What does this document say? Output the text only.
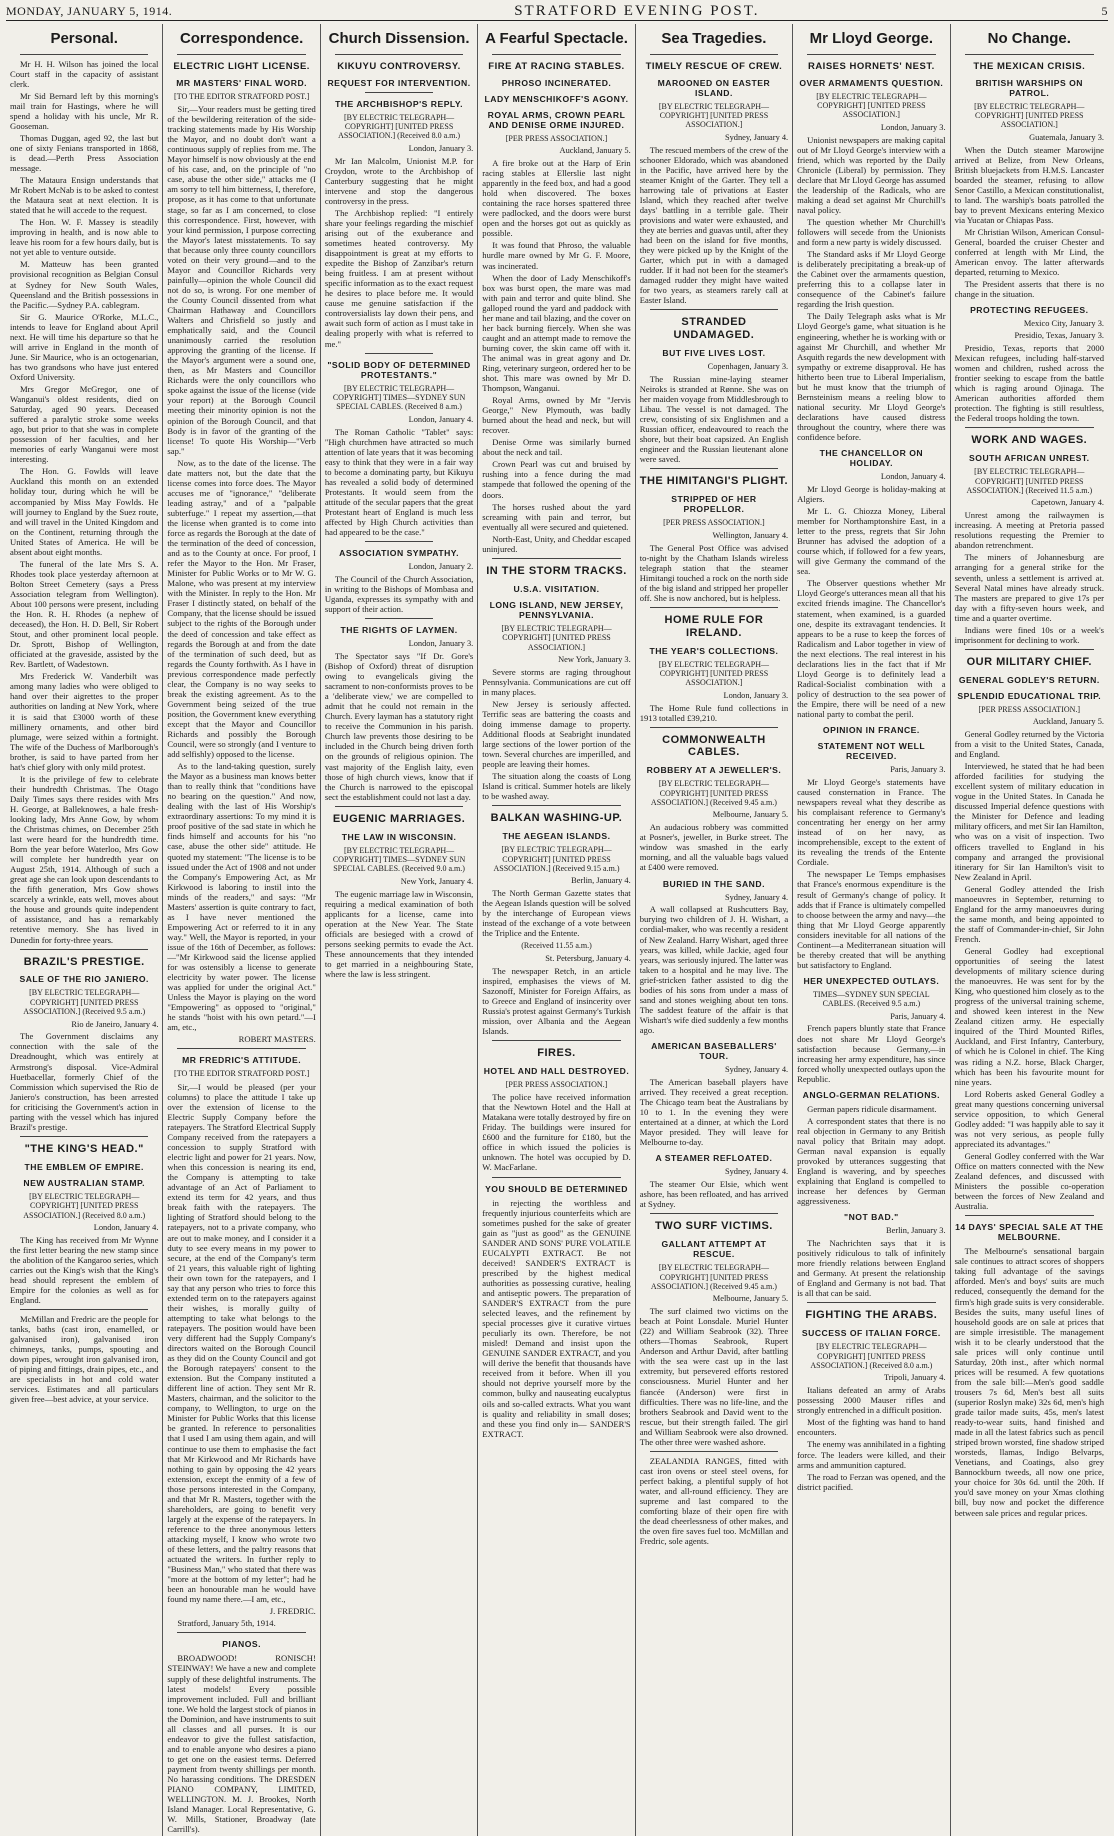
MONDAY, JANUARY 5, 1914.	STRATFORD EVENING POST.	5
Personal.
Mr H. H. Wilson has joined the local Court staff in the capacity of assistant clerk.
Mr Sid Bernard left by this morning's mail train for Hastings, where he will spend a holiday with his uncle, Mr R. Gooseman.
Thomas Duggan, aged 92, the last but one of sixty Fenians transported in 1868, is dead.—Perth Press Association message.
The Mataura Ensign understands that Mr Robert McNab is to be asked to contest the Mataura seat at next election. It is stated that he will accede to the request.
The Hon. W. F. Massey is steadily improving in health, and is now able to leave his room for a few hours daily, but is not yet able to venture outside.
M. Matteuw has been granted provisional recognition as Belgian Consul at Sydney for New South Wales, Queensland and the British possessions in the Pacific.—Sydney P.A. cablegram.
Sir G. Maurice O'Rorke, M.L.C., intends to leave for England about April next. He will time his departure so that he will arrive in England in the month of June. Sir Maurice, who is an octogenarian, has two grandsons who have just entered Oxford University.
Mrs Gregor McGregor, one of Wanganui's oldest residents, died on Saturday, aged 90 years. Deceased suffered a paralytic stroke some weeks ago, but prior to that she was in complete possession of her faculties, and her memories of early Wanganui were most interesting.
The Hon. G. Fowlds will leave Auckland this month on an extended holiday tour, during which he will be accompanied by Miss May Fowlds. He will journey to England by the Suez route, and will travel in the United Kingdom and on the Continent, returning through the United States of America. He will be absent about eight months.
The funeral of the late Mrs S. A. Rhodes took place yesterday afternoon at Bolton Street Cemetery (says a Press Association telegram from Wellington). About 100 persons were present, including the Hon. R. H. Rhodes (a nephew of deceased), the Hon. H. D. Bell, Sir Robert Stout, and other prominent local people. Dr. Sprott, Bishop of Wellington, officiated at the graveside, assisted by the Rev. Bartlett, of Wadestown.
Mrs Frederick W. Vanderbilt was among many ladies who were obliged to hand over their aigrettes to the proper authorities on landing at New York, where it is said that £3000 worth of these millinery ornaments, and other bird plumage, were seized within a fortnight. The wife of the Duchess of Marlborough's brother, is said to have parted from her hat's chief glory with only mild protest.
It is the privilege of few to celebrate their hundredth Christmas. The Otago Daily Times says there resides with Mrs H. George, at Balleknowes, a hale fresh-looking lady, Mrs Anne Gow, by whom the Christmas chimes, on December 25th last were heard for the hundredth time. Born the year before Waterloo, Mrs Gow will complete her hundredth year on August 25th, 1914. Although of such a great age she can look upon descendants to the fifth generation, Mrs Gow shows scarcely a wrinkle, eats well, moves about the house and grounds quite independent of assistance, and has a remarkably retentive memory. She has lived in Dunedin for forty-three years.
BRAZIL'S PRESTIGE.
SALE OF THE RIO JANIERO.
[BY ELECTRIC TELEGRAPH—COPYRIGHT] [UNITED PRESS ASSOCIATION.] (Received 9.5 a.m.)
Rio de Janeiro, January 4.
The Government disclaims any connection with the sale of the Dreadnought, which was entirely at Armstrong's disposal. Vice-Admiral Huetbacellar, formerly Chief of the Commission which supervised the Rio de Janiero's construction, has been arrested for criticising the Government's action in parting with the vessel which has injured Brazil's prestige.
"THE KING'S HEAD."
THE EMBLEM OF EMPIRE.
NEW AUSTRALIAN STAMP.
[BY ELECTRIC TELEGRAPH—COPYRIGHT] [UNITED PRESS ASSOCIATION.] (Received 8.0 a.m.)
London, January 4.
The King has received from Mr Wynne the first letter bearing the new stamp since the abolition of the Kangaroo series, which carries out the King's wish that the King's head should represent the emblem of Empire for the colonies as well as for England.
McMillan and Fredric are the people for tanks, baths (cast iron, enamelled, or galvanised iron), galvanised iron chimneys, tanks, pumps, spouting and down pipes, wrought iron galvanised iron, of piping and fittings, drain pipes, etc., and are specialists in hot and cold water services. Estimates and all particulars given free—best advice, at your service.
Correspondence.
ELECTRIC LIGHT LICENSE.
MR MASTERS' FINAL WORD.
[TO THE EDITOR STRATFORD POST.]
Sir,—Your readers must be getting tired of the bewildering reiteration of the side-tracking statements made by His Worship the Mayor, and no doubt don't want a continuous supply of replies from me. The Mayor himself is now obviously at the end of his case, and, on the principle of "no case, abuse the other side," attacks me (I am sorry to tell him bitterness, I, therefore, propose, as it has come to that unfortunate stage, so far as I am concerned, to close this correspondence. First, however, with your kind permission, I purpose correcting the Mayor's latest misstatements. To say that because only three county councillors voted on their very ground—and to the Mayor and Councillor Richards very painfully—opinion the whole Council did not do so, is wrong. For one member of the County Council dissented from what Chairman Hathaway and Councillors Walters and Chrisfield so justly and emphatically said, and the Council unanimously carried the resolution approving the granting of the license. If the Mayor's argument were a sound one, then, as Mr Masters and Councillor Richards were the only councillors who spoke against the issue of the license (vide your report) at the Borough Council meeting their minority opinion is not the opinion of the Borough Council, and that Body is in favor of the granting of the license! To quote His Worship—"Verb sap."
Now, as to the date of the license. The date matters not, but the date that the license comes into force does. The Mayor accuses me of "ignorance," "deliberate leading astray," and of a "palpable subterfuge." I repeat my assertion,—that the license when granted is to come into force as regards the Borough at the date of the termination of the deed of concession, and as to the County at once. For proof, I refer the Mayor to the Hon. Mr Fraser, Minister for Public Works or to Mr W. G. Malone, who was present at my interview with the Minister. In reply to the Hon. Mr Fraser I distinctly stated, on behalf of the Company, that the license should be issued subject to the rights of the Borough under the deed of concession and take effect as regards the Borough at and from the date of the termination of such deed, but as regards the County forthwith. As I have in previous correspondence made perfectly clear, the Company is no way seeks to break the existing agreement. As to the Government being seized of the true position, the Government knew everything except that the Mayor and Councillor Richards and possibly the Borough Council, were so strongly (and I venture to add selfishly) opposed to the license.
As to the land-taking question, surely the Mayor as a business man knows better than to really think that "conditions have no bearing on the question." And now, dealing with the last of His Worship's extraordinary assertions: To my mind it is proof positive of the sad state in which he finds himself and accounts for his "no case, abuse the other side" attitude. He quoted my statement: "The license is to be issued under the Act of 1908 and not under the Company's Empowering Act, as Mr Kirkwood is laboring to instil into the minds of the readers," and says: "Mr Masters' assertion is quite contrary to fact, as I have never mentioned the Empowering Act or referred to it in any way." Well, the Mayor is reported, in your issue of the 16th of December, as follows:—"Mr Kirkwood said the license applied for was ostensibly a license to generate electricity by water power. The license was applied for under the original Act." Unless the Mayor is playing on the word "Empowering" as opposed to "original," he stands "hoist with his own petard."—I am, etc.,
ROBERT MASTERS.
MR FREDRIC'S ATTITUDE.
[TO THE EDITOR STRATFORD POST.]
Sir,—I would be pleased (per your columns) to place the attitude I take up over the extension of license to the Electric Supply Company before the ratepayers. The Stratford Electrical Supply Company received from the ratepayers a concession to supply Stratford with electric light and power for 21 years. Now, when this concession is nearing its end, the Company is attempting to take advantage of an Act of Parliament to extend its term for 42 years, and thus break faith with the ratepayers. The lighting of Stratford should belong to the ratepayers, not to a private company, who are out to make money, and I consider it a duty to see every means in my power to secure, at the end of the Company's term of 21 years, this valuable right of lighting their own town for the ratepayers, and I say that any person who tries to force this extended term on to the ratepayers against their wishes, is morally guilty of attempting to take what belongs to the ratepayers. The position would have been very different had the Supply Company's directors waited on the Borough Council as they did on the County Council and got the Borough ratepayers' consent to the extension. But the Company instituted a different line of action. They sent Mr R. Masters, chairman, and the solicitor to the company, to Wellington, to urge on the Minister for Public Works that this license be granted. In reference to personalities that I used I am using them again, and will continue to use them to emphasise the fact that Mr Kirkwood and Mr Richards have nothing to gain by opposing the 42 years extension, except the enmity of a few of those persons interested in the Company, and that Mr R. Masters, together with the shareholders, are going to benefit very largely at the expense of the ratepayers. In reference to the three anonymous letters attacking myself, I know who wrote two of these letters, and the paltry reasons that actuated the writers. In further reply to "Business Man," who stated that there was "more at the bottom of my letter"; had he been an honourable man he would have found my name there.—I am, etc.,
J. FREDRIC.
Stratford, January 5th, 1914.
PIANOS.
BROADWOOD! RONISCH! STEINWAY! We have a new and complete supply of these delightful instruments. The latest models! Every possible improvement included. Full and brilliant tone. We hold the largest stock of pianos in the Dominion, and have instruments to suit all classes and all purses. It is our endeavor to give the fullest satisfaction, and to enable anyone who desires a piano to get one on the easiest terms. Deferred payment from twenty shillings per month. No harassing conditions. The DRESDEN PIANO COMPANY, LIMITED, WELLINGTON. M. J. Brookes, North Island Manager. Local Representative, G. W. Mills, Stationer, Broadway (late Carrill's).
Church Dissension.
KIKUYU CONTROVERSY.
REQUEST FOR INTERVENTION.
THE ARCHBISHOP'S REPLY.
[BY ELECTRIC TELEGRAPH—COPYRIGHT] [UNITED PRESS ASSOCIATION.] (Received 8.0 a.m.)
London, January 3.
Mr Ian Malcolm, Unionist M.P. for Croydon, wrote to the Archbishop of Canterbury suggesting that he might intervene and stop the dangerous controversy in the press.
The Archbishop replied: "I entirely share your feelings regarding the mischief arising out of the exuberance and sometimes heated controversy. My disappointment is great at my efforts to expedite the Bishop of Zanzibar's return being fruitless. I am at present without specific information as to the exact request he desires to place before me. It would cause me genuine satisfaction if the controversialists lay down their pens, and await such form of action as I must take in dealing properly with what is referred to me."
"SOLID BODY OF DETERMINED PROTESTANTS."
[BY ELECTRIC TELEGRAPH—COPYRIGHT] TIMES—SYDNEY SUN SPECIAL CABLES. (Received 8 a.m.)
London, January 4.
The Roman Catholic "Tablet" says: "High churchmen have attracted so much attention of late years that it was becoming easy to think that they were in a fair way to become a dominating party, but Kikuyu has revealed a solid body of determined Protestants. It would seem from the attitude of the secular papers that the great Protestant heart of England is much less affected by High Church activities than had appeared to be the case."
ASSOCIATION SYMPATHY.
London, January 2.
The Council of the Church Association, in writing to the Bishops of Mombasa and Uganda, expresses its sympathy with and support of their action.
THE RIGHTS OF LAYMEN.
London, January 3.
The Spectator says "If Dr. Gore's (Bishop of Oxford) threat of disruption owing to evangelicals giving the sacrament to non-conformists proves to be a 'deliberate view,' we are compelled to admit that he could not remain in the Church. Every layman has a statutory right to receive the Communion in his parish. Church law prevents those desiring to be included in the Church being driven forth on the grounds of religious opinion. The vast majority of the English laity, even those of high church views, know that if the Church is narrowed to the episcopal sect the establishment could not last a day.
EUGENIC MARRIAGES.
THE LAW IN WISCONSIN.
[BY ELECTRIC TELEGRAPH—COPYRIGHT] TIMES—SYDNEY SUN SPECIAL CABLES. (Received 9.0 a.m.)
New York, January 4.
The eugenic marriage law in Wisconsin, requiring a medical examination of both applicants for a license, came into operation at the New Year. The State officials are besieged with a crowd of persons seeking permits to evade the Act. These announcements that they intended to get married in a neighbouring State, where the law is less stringent.
A Fearful Spectacle.
FIRE AT RACING STABLES.
PHROSO INCINERATED.
LADY MENSCHIKOFF'S AGONY.
ROYAL ARMS, CROWN PEARL AND DENISE ORME INJURED.
[PER PRESS ASSOCIATION.]
Auckland, January 5.
A fire broke out at the Harp of Erin racing stables at Ellerslie last night apparently in the feed box, and had a good hold when discovered. The boxes containing the race horses spattered three were padlocked, and the doors were burst open and the horses got out as quickly as possible.
It was found that Phroso, the valuable hurdle mare owned by Mr G. F. Moore, was incinerated.
When the door of Lady Menschikoff's box was burst open, the mare was mad with pain and terror and quite blind. She galloped round the yard and paddock with her mane and tail blazing, and the cover on her back burning fiercely. When she was caught and an attempt made to remove the burning cover, the skin came off with it. The animal was in great agony and Dr. Ring, veterinary surgeon, ordered her to be shot. This mare was owned by Mr D. Thompson, Wanganui.
Royal Arms, owned by Mr "Jervis George," New Plymouth, was badly burned about the head and neck, but will recover.
Denise Orme was similarly burned about the neck and tail.
Crown Pearl was cut and bruised by rushing into a fence during the mad stampede that followed the opening of the doors.
The horses rushed about the yard screaming with pain and terror, but eventually all were secured and quietened.
North-East, Unity, and Cheddar escaped uninjured.
IN THE STORM TRACKS.
U.S.A. VISITATION.
LONG ISLAND, NEW JERSEY, PENNSYLVANIA.
[BY ELECTRIC TELEGRAPH—COPYRIGHT] [UNITED PRESS ASSOCIATION.]
New York, January 3.
Severe storms are raging throughout Pennsylvania. Communications are cut off in many places.
New Jersey is seriously affected. Terrific seas are battering the coasts and doing immense damage to property. Additional floods at Seabright inundated large sections of the lower portion of the town. Several churches are imperilled, and people are leaving their homes.
The situation along the coasts of Long Island is critical. Summer hotels are likely to be washed away.
BALKAN WASHING-UP.
THE AEGEAN ISLANDS.
[BY ELECTRIC TELEGRAPH—COPYRIGHT] [UNITED PRESS ASSOCIATION.] (Received 9.15 a.m.)
Berlin, January 4.
The North German Gazette states that the Aegean Islands question will be solved by the interchange of European views instead of the exchange of a vote between the Triplice and the Entente.
(Received 11.55 a.m.)
St. Petersburg, January 4.
The newspaper Retch, in an article inspired, emphasises the views of M. Sazonoff, Minister for Foreign Affairs, as to Greece and England of insincerity over Russia's protest against Germany's Turkish mission, over Albania and the Aegean Islands.
FIRES.
HOTEL AND HALL DESTROYED.
[PER PRESS ASSOCIATION.]
The police have received information that the Newtown Hotel and the Hall at Matakana were totally destroyed by fire on Friday. The buildings were insured for £600 and the furniture for £180, but the office in which issued the policies is unknown. The hotel was occupied by D. W. MacFarlane.
YOU SHOULD BE DETERMINED
in rejecting the worthless and frequently injurious counterfeits which are sometimes pushed for the sake of greater gain as "just as good" as the GENUINE SANDER AND SONS' PURE VOLATILE EUCALYPTI EXTRACT. Be not deceived! SANDER'S EXTRACT is prescribed by the highest medical authorities as possessing curative, healing and antiseptic powers. The preparation of SANDER'S EXTRACT from the pure selected leaves, and the refinement by special processes give it curative virtues peculiarly its own. Therefore, be not misled! Demand and insist upon the GENUINE SANDER EXTRACT, and you will derive the benefit that thousands have received from it before. When ill you should not deprive yourself more by the common, bulky and nauseating eucalyptus oils and so-called extracts. What you want is quality and reliability in small doses; and these you find only in— SANDER'S EXTRACT.
Sea Tragedies.
TIMELY RESCUE OF CREW.
MAROONED ON EASTER ISLAND.
[BY ELECTRIC TELEGRAPH—COPYRIGHT] [UNITED PRESS ASSOCIATION.]
Sydney, January 4.
The rescued members of the crew of the schooner Eldorado, which was abandoned in the Pacific, have arrived here by the steamer Knight of the Garter. They tell a harrowing tale of privations at Easter Island, which they reached after twelve days' battling in a terrible gale. Their provisions and water were exhausted, and they ate berries and guavas until, after they had been on the island for five months, they were picked up by the Knight of the Garter, which put in with a damaged rudder. If it had not been for the steamer's damaged rudder they might have waited for two years, as steamers rarely call at Easter Island.
STRANDED UNDAMAGED.
BUT FIVE LIVES LOST.
Copenhagen, January 3.
The Russian mine-laying steamer Neiroks is stranded at Rønne. She was on her maiden voyage from Middlesbrough to Libau. The vessel is not damaged. The crew, consisting of six Englishmen and a Russian officer, endeavoured to reach the shore, but their boat capsized. An English engineer and the Russian lieutenant alone were saved.
THE HIMITANGI'S PLIGHT.
STRIPPED OF HER PROPELLOR.
[PER PRESS ASSOCIATION.]
Wellington, January 4.
The General Post Office was advised to-night by the Chatham Islands wireless telegraph station that the steamer Himitangi touched a rock on the north side of the big island and stripped her propeller off. She is now anchored, but is helpless.
HOME RULE FOR IRELAND.
THE YEAR'S COLLECTIONS.
[BY ELECTRIC TELEGRAPH—COPYRIGHT] [UNITED PRESS ASSOCIATION.]
London, January 3.
The Home Rule fund collections in 1913 totalled £39,210.
COMMONWEALTH CABLES.
ROBBERY AT A JEWELLER'S.
[BY ELECTRIC TELEGRAPH—COPYRIGHT] [UNITED PRESS ASSOCIATION.] (Received 9.45 a.m.)
Melbourne, January 5.
An audacious robbery was committed at Posner's, jeweller, in Burke street. The window was smashed in the early morning, and all the valuable bags valued at £400 were removed.
BURIED IN THE SAND.
Sydney, January 4.
A wall collapsed at Rushcutters Bay, burying two children of J. H. Wishart, a cordial-maker, who was recently a resident of New Zealand. Harry Wishart, aged three years, was killed, while Jackie, aged four years, was seriously injured. The latter was taken to a hospital and he may live. The grief-stricken father assisted to dig the bodies of his sons from under a mass of sand and stones weighing about ten tons. The saddest feature of the affair is that Wishart's wife died suddenly a few months ago.
AMERICAN BASEBALLERS' TOUR.
Sydney, January 4.
The American baseball players have arrived. They received a great reception. The Chicago team beat the Australians by 10 to 1. In the evening they were entertained at a dinner, at which the Lord Mayor presided. They will leave for Melbourne to-day.
A STEAMER REFLOATED.
Sydney, January 4.
The steamer Our Elsie, which went ashore, has been refloated, and has arrived at Sydney.
TWO SURF VICTIMS.
GALLANT ATTEMPT AT RESCUE.
[BY ELECTRIC TELEGRAPH—COPYRIGHT] [UNITED PRESS ASSOCIATION.] (Received 9.45 a.m.)
Melbourne, January 5.
The surf claimed two victims on the beach at Point Lonsdale. Muriel Hunter (22) and William Seabrook (32). Three others—Thomas Seabrook, Rupert Anderson and Arthur David, after battling with the sea were cast up in the last extremity, but persevered efforts restored consciousness. Muriel Hunter and her fiancée (Anderson) were first in difficulties. There was no life-line, and the brothers Seabrook and David went to the rescue, but their strength failed. The girl and William Seabrook were also drowned. The other three were washed ashore.
ZEALANDIA RANGES, fitted with cast iron ovens or steel steel ovens, for perfect baking, a plentiful supply of hot water, and all-round efficiency. They are supreme and last compared to the comforting blaze of their open fire with the dead cheerlessness of other makes, and the oven fire saves fuel too. McMillan and Fredric, sole agents.
Mr Lloyd George.
RAISES HORNETS' NEST.
OVER ARMAMENTS QUESTION.
[BY ELECTRIC TELEGRAPH—COPYRIGHT] [UNITED PRESS ASSOCIATION.]
London, January 3.
Unionist newspapers are making capital out of Mr Lloyd George's interview with a friend, which was reported by the Daily Chronicle (Liberal) by permission. They declare that Mr Lloyd George has assumed the leadership of the Radicals, who are making a dead set against Mr Churchill's naval policy.
The question whether Mr Churchill's followers will secede from the Unionists and form a new party is widely discussed.
The Standard asks if Mr Lloyd George is deliberately precipitating a break-up of the Cabinet over the armaments question, preferring this to a collapse later in consequence of the Cabinet's failure regarding the Irish question.
The Daily Telegraph asks what is Mr Lloyd George's game, what situation is he engineering, whether he is working with or against Mr Churchill, and whether Mr Asquith regards the new development with sympathy or extreme disapproval. He has hitherto been true to Liberal Imperialism, but he must know that the triumph of Bernsteinism means a reeling blow to national security. Mr Lloyd George's declarations have caused distress throughout the country, where there was confidence before.
THE CHANCELLOR ON HOLIDAY.
London, January 4.
Mr Lloyd George is holiday-making at Algiers.
Mr L. G. Chiozza Money, Liberal member for Northamptonshire East, in a letter to the press, regrets that Sir John Brunner has advised the adoption of a course which, if followed for a few years, will give Germany the command of the sea.
The Observer questions whether Mr Lloyd George's utterances mean all that his excited friends imagine. The Chancellor's statement, when examined, is a guarded one, despite its extravagant tendencies. It appears to be a ruse to keep the forces of Radicalism and Labor together in view of the next elections. The real interest in his declarations lies in the fact that if Mr Lloyd George is to definitely lead a Radical-Socialist combination with a policy of destruction to the sea power of the Empire, there will be need of a new national party to combat the peril.
OPINION IN FRANCE.
STATEMENT NOT WELL RECEIVED.
Paris, January 3.
Mr Lloyd George's statements have caused consternation in France. The newspapers reveal what they describe as his complaisant reference to Germany's concentrating her energy on her army instead of on her navy, as incomprehensible, except to the extent of its revealing the trends of the Entente Cordiale.
The newspaper Le Temps emphasises that France's enormous expenditure is the result of Germany's change of policy. It adds that if France is ultimately compelled to choose between the army and navy—the thing that Mr Lloyd George apparently considers inevitable for all nations of the Continent—a Mediterranean situation will be thereby created that will be anything but satisfactory to England.
HER UNEXPECTED OUTLAYS.
TIMES—SYDNEY SUN SPECIAL CABLES. (Received 9.5 a.m.)
Paris, January 4.
French papers bluntly state that France does not share Mr Lloyd George's satisfaction because Germany,—in increasing her army expenditure, has since forced wholly unexpected outlays upon the Republic.
ANGLO-GERMAN RELATIONS.
German papers ridicule disarmament.
A correspondent states that there is no real objection in Germany to any British naval policy that Britain may adopt. German naval expansion is equally provoked by utterances suggesting that England is wavering, and by speeches explaining that England is compelled to increase her defences by German aggressiveness.
"NOT BAD."
Berlin, January 3.
The Nachrichten says that it is positively ridiculous to talk of infinitely more friendly relations between England and Germany. At present the relationship of England and Germany is not bad. That is all that can be said.
FIGHTING THE ARABS.
SUCCESS OF ITALIAN FORCE.
[BY ELECTRIC TELEGRAPH—COPYRIGHT] [UNITED PRESS ASSOCIATION.] (Received 8.0 a.m.)
Tripoli, January 4.
Italians defeated an army of Arabs possessing 2000 Mauser rifles and strongly entrenched in a difficult position.
Most of the fighting was hand to hand encounters.
The enemy was annihilated in a fighting force. The leaders were killed, and their arms and ammunition captured.
The road to Ferzan was opened, and the district pacified.
No Change.
THE MEXICAN CRISIS.
BRITISH WARSHIPS ON PATROL.
[BY ELECTRIC TELEGRAPH—COPYRIGHT] [UNITED PRESS ASSOCIATION.]
Guatemala, January 3.
When the Dutch steamer Marowijne arrived at Belize, from New Orleans, British bluejackets from H.M.S. Lancaster boarded the steamer, refusing to allow Senor Castillo, a Mexican constitutionalist, to land. The warship's boats patrolled the bay to prevent Mexicans entering Mexico via Yucatan or Chiapas Pass.
Mr Christian Wilson, American Consul-General, boarded the cruiser Chester and conferred at length with Mr Lind, the American envoy. The latter afterwards departed, returning to Mexico.
The President asserts that there is no change in the situation.
PROTECTING REFUGEES.
Mexico City, January 3.
Presidio, Texas, January 3.
Presidio, Texas, reports that 2000 Mexican refugees, including half-starved women and children, rushed across the frontier seeking to escape from the battle which is raging around Ojinaga. The American authorities afforded them protection. The fighting is still resultless, the Federal troops holding the town.
WORK AND WAGES.
SOUTH AFRICAN UNREST.
[BY ELECTRIC TELEGRAPH—COPYRIGHT] [UNITED PRESS ASSOCIATION.] (Received 11.5 a.m.)
Capetown, January 4.
Unrest among the railwaymen is increasing. A meeting at Pretoria passed resolutions requesting the Premier to abandon retrenchment.
The miners of Johannesburg are arranging for a general strike for the seventh, unless a settlement is arrived at. Several Natal mines have already struck. The masters are prepared to give 17s per day with a fifty-seven hours week, and time and a quarter overtime.
Indians were fined 10s or a week's imprisonment for declining to work.
OUR MILITARY CHIEF.
GENERAL GODLEY'S RETURN.
SPLENDID EDUCATIONAL TRIP.
[PER PRESS ASSOCIATION.]
Auckland, January 5.
General Godley returned by the Victoria from a visit to the United States, Canada, and England.
Interviewed, he stated that he had been afforded facilities for studying the excellent system of military education in vogue in the United States. In Canada he discussed Imperial defence questions with the Minister for Defence and leading military officers, and met Sir Ian Hamilton, who was on a visit of inspection. Two officers travelled to England in his company and arranged the provisional itinerary for Sir Ian Hamilton's visit to New Zealand in April.
General Godley attended the Irish manoeuvres in September, returning to England for the army manoeuvres during the same month, and being appointed to the staff of Commander-in-chief, Sir John French.
General Godley had exceptional opportunities of seeing the latest developments of military science during the manoeuvres. He was sent for by the King, who questioned him closely as to the progress of the universal training scheme, and showed keen interest in the New Zealand citizen army. He especially inquired of the Third Mounted Rifles, Auckland, and First Infantry, Canterbury, of which he is Colonel in chief. The King was riding a N.Z. horse, Black Charger, which has been his favourite mount for nine years.
Lord Roberts asked General Godley a great many questions concerning universal service opposition, to which General Godley added: "I was happily able to say it was not very serious, as people fully appreciated its advantages."
General Godley conferred with the War Office on matters connected with the New Zealand defences, and discussed with Ministers the possible co-operation between the forces of New Zealand and Australia.
14 DAYS' SPECIAL SALE AT THE MELBOURNE.
The Melbourne's sensational bargain sale continues to attract scores of shoppers taking full advantage of the savings afforded. Men's and boys' suits are much reduced, consequently the demand for the firm's high grade suits is very considerable. Besides the suits, many useful lines of household goods are on sale at prices that are simple irresistible. The management wish it to be clearly understood that the sale prices will only continue until Saturday, 20th inst., after which normal prices will be resumed. A few quotations from the sale bill:—Men's good saddle trousers 7s 6d, Men's best all suits (superior Roslyn make) 32s 6d, men's high grade tailor made suits, 45s, men's latest ready-to-wear suits, hand finished and made in all the latest fabrics such as pencil striped brown worsted, fine shadow striped worsteds, llamas, Indigo Belvarps, Venetians, and Coatings, also grey Bannockburn tweeds, all now one price, your choice for 30s 6d. until the 20th. If you'd save money on your Xmas clothing bill, buy now and pocket the difference between sale prices and regular prices.
